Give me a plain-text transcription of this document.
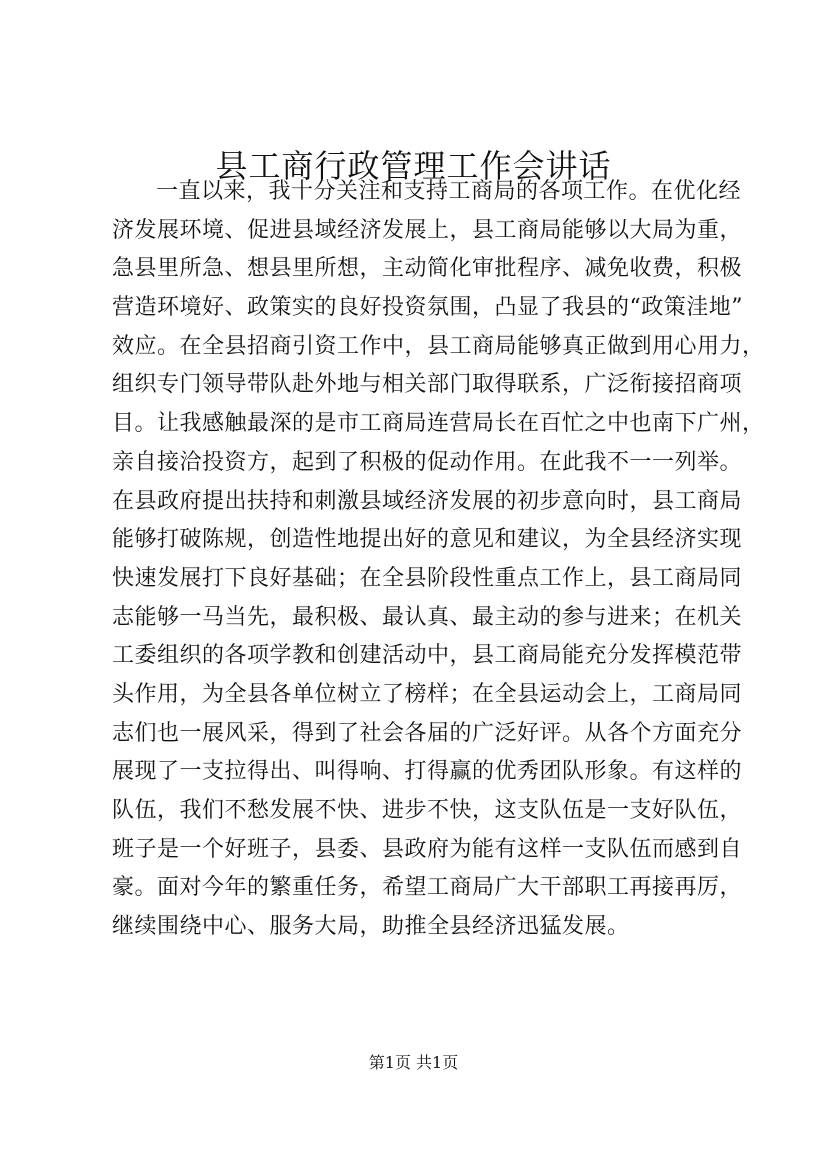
县工商行政管理工作会讲话
一直以来，我十分关注和支持工商局的各项工作。在优化经
济发展环境、促进县域经济发展上，县工商局能够以大局为重，
急县里所急、想县里所想，主动简化审批程序、减免收费，积极
营造环境好、政策实的良好投资氛围，凸显了我县的“政策洼地”
效应。在全县招商引资工作中，县工商局能够真正做到用心用力，
组织专门领导带队赴外地与相关部门取得联系，广泛衔接招商项
目。让我感触最深的是市工商局连营局长在百忙之中也南下广州，
亲自接洽投资方，起到了积极的促动作用。在此我不一一列举。
在县政府提出扶持和刺激县域经济发展的初步意向时，县工商局
能够打破陈规，创造性地提出好的意见和建议，为全县经济实现
快速发展打下良好基础；在全县阶段性重点工作上，县工商局同
志能够一马当先，最积极、最认真、最主动的参与进来；在机关
工委组织的各项学教和创建活动中，县工商局能充分发挥模范带
头作用，为全县各单位树立了榜样；在全县运动会上，工商局同
志们也一展风采，得到了社会各届的广泛好评。从各个方面充分
展现了一支拉得出、叫得响、打得赢的优秀团队形象。有这样的
队伍，我们不愁发展不快、进步不快，这支队伍是一支好队伍，
班子是一个好班子，县委、县政府为能有这样一支队伍而感到自
豪。面对今年的繁重任务，希望工商局广大干部职工再接再厉，
继续围绕中心、服务大局，助推全县经济迅猛发展。
第1页 共1页
